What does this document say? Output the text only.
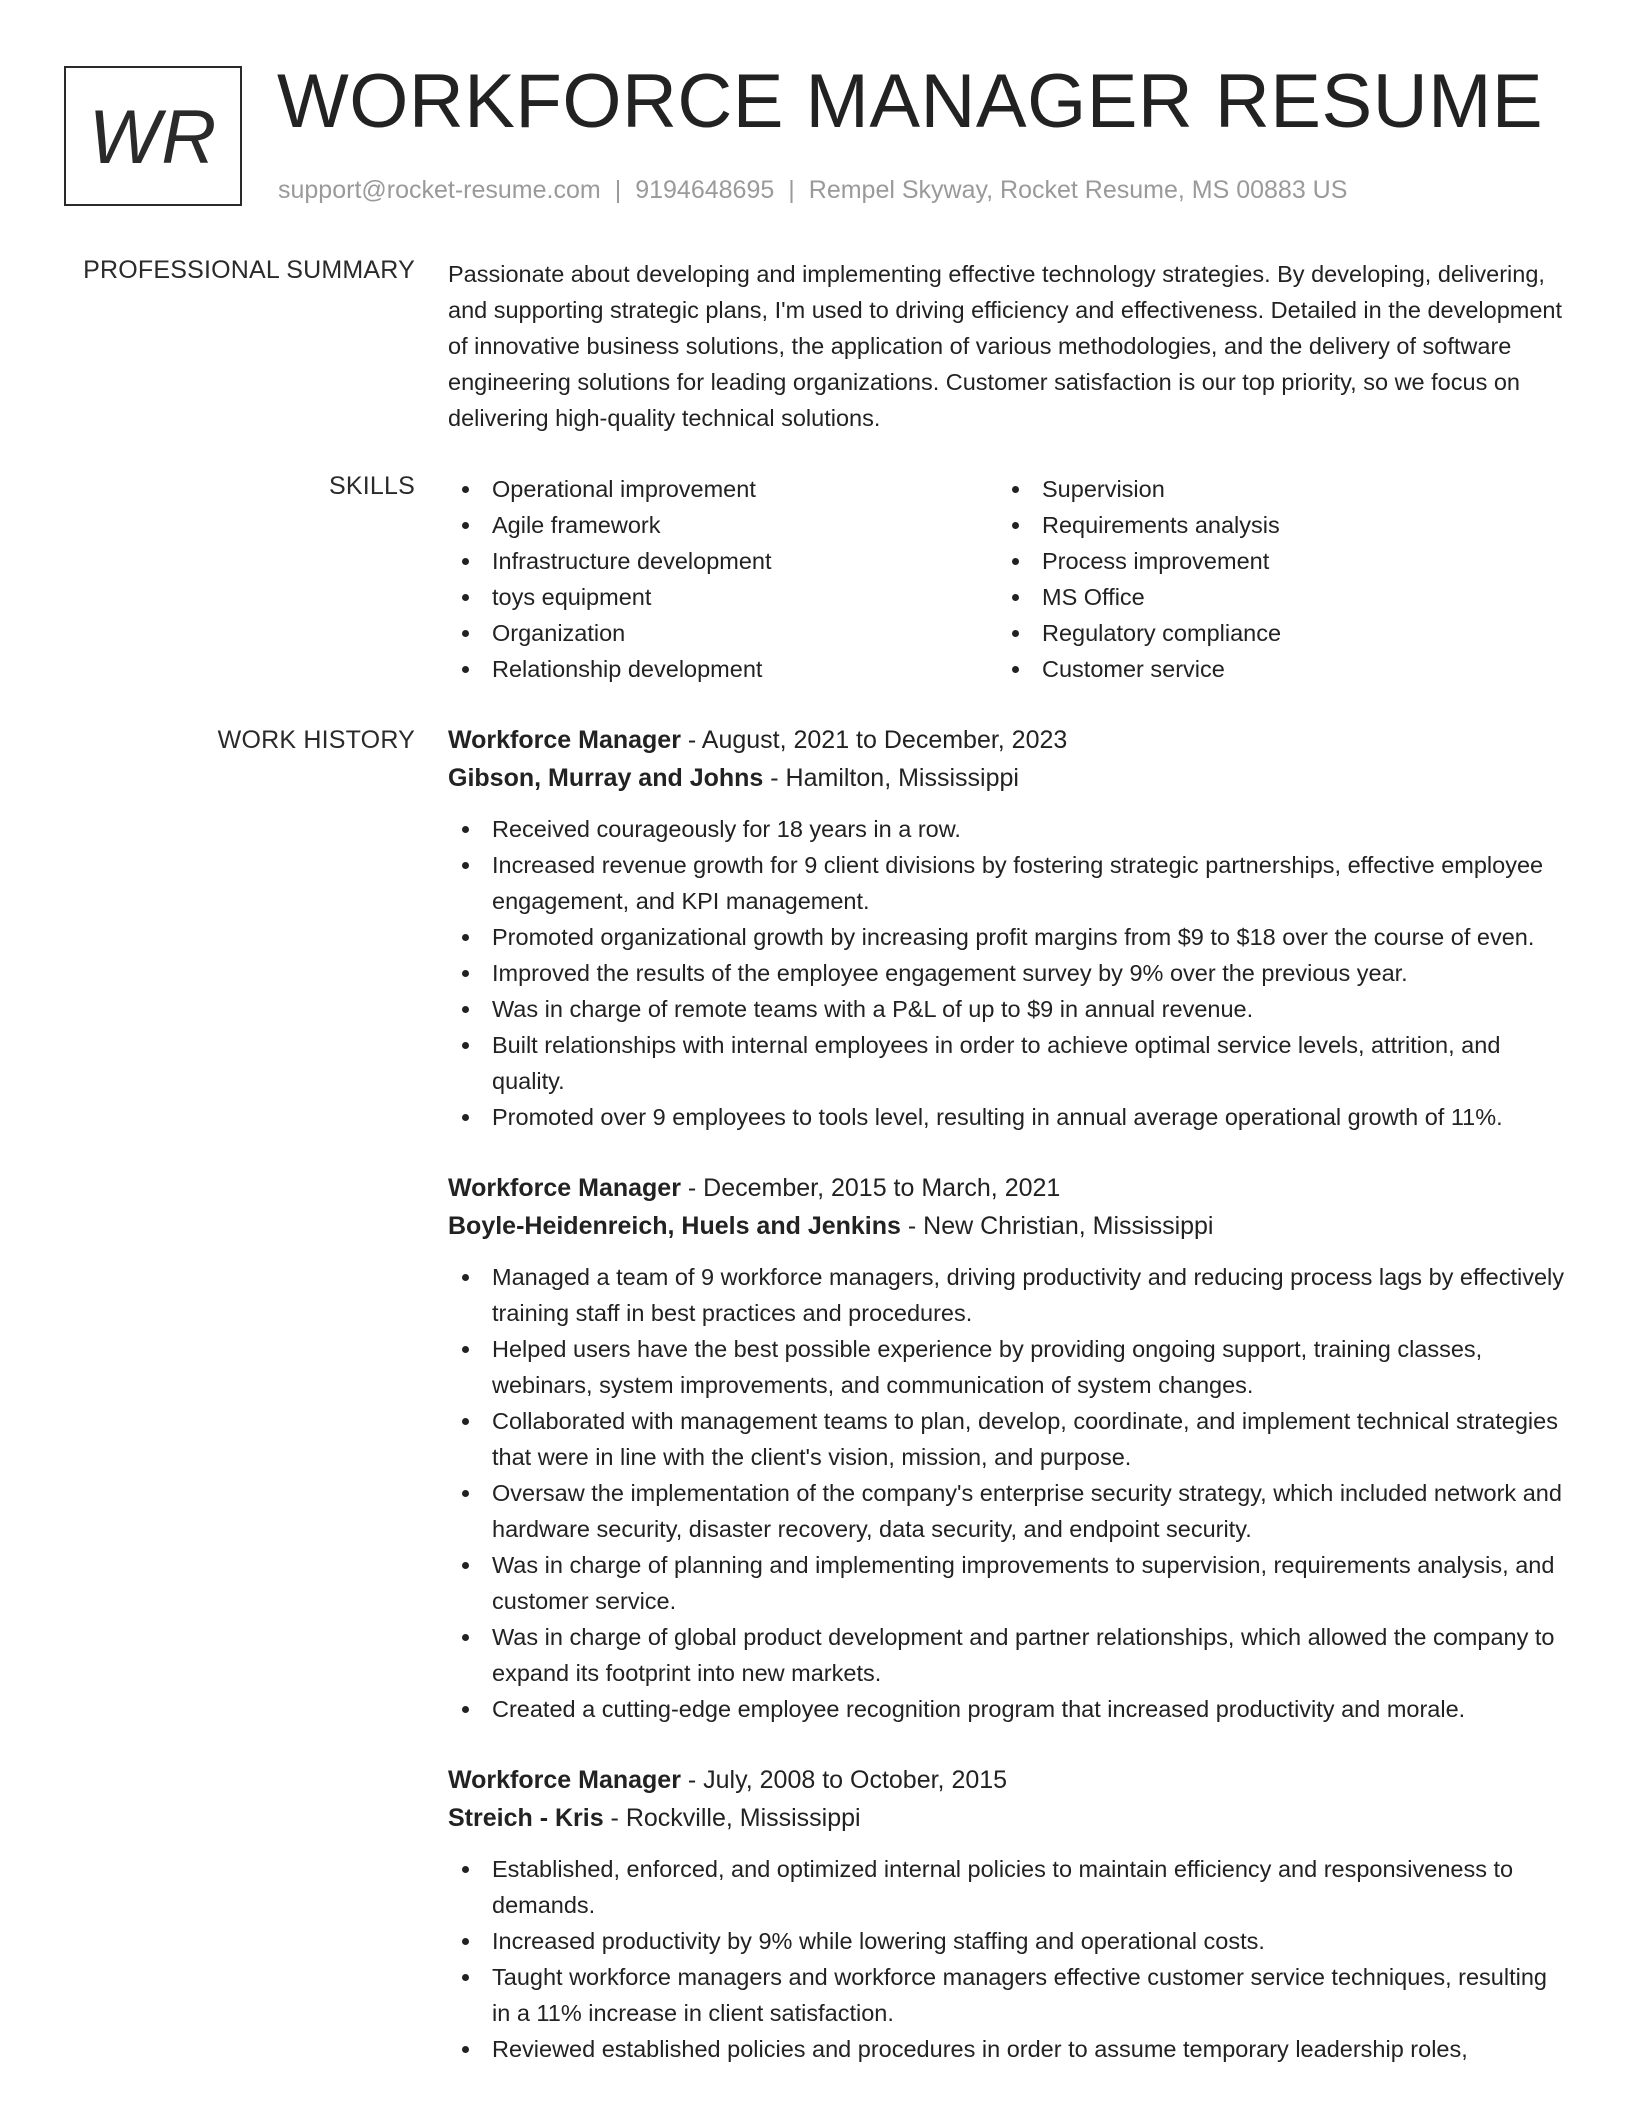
WR WORKFORCE MANAGER RESUME
support@rocket-resume.com | 9194648695 | Rempel Skyway, Rocket Resume, MS 00883 US
PROFESSIONAL SUMMARY Passionate about developing and implementing effective technology strategies. By developing, delivering, and supporting strategic plans, I'm used to driving efficiency and effectiveness. Detailed in the development of innovative business solutions, the application of various methodologies, and the delivery of software engineering solutions for leading organizations. Customer satisfaction is our top priority, so we focus on delivering high-quality technical solutions.

SKILLS	Operational improvement
Agile framework
Infrastructure development
toys equipment
Organization
Relationship development
Supervision
Requirements analysis
Process improvement
MS Office
Regulatory compliance
Customer service
WORK HISTORY Workforce Manager - August, 2021 to December, 2023
Gibson, Murray and Johns - Hamilton, Mississippi
Received courageously for 18 years in a row.
Increased revenue growth for 9 client divisions by fostering strategic partnerships, effective employee engagement, and KPI management.
Promoted organizational growth by increasing profit margins from $9 to $18 over the course of even.
Improved the results of the employee engagement survey by 9% over the previous year.
Was in charge of remote teams with a P&L of up to $9 in annual revenue.
Built relationships with internal employees in order to achieve optimal service levels, attrition, and quality.
Promoted over 9 employees to tools level, resulting in annual average operational growth of 11%.
Workforce Manager - December, 2015 to March, 2021
Boyle-Heidenreich, Huels and Jenkins - New Christian, Mississippi
Managed a team of 9 workforce managers, driving productivity and reducing process lags by effectively training staff in best practices and procedures.
Helped users have the best possible experience by providing ongoing support, training classes, webinars, system improvements, and communication of system changes.
Collaborated with management teams to plan, develop, coordinate, and implement technical strategies that were in line with the client's vision, mission, and purpose.
Oversaw the implementation of the company's enterprise security strategy, which included network and hardware security, disaster recovery, data security, and endpoint security.
Was in charge of planning and implementing improvements to supervision, requirements analysis, and customer service.
Was in charge of global product development and partner relationships, which allowed the company to expand its footprint into new markets.
Created a cutting-edge employee recognition program that increased productivity and morale.
Workforce Manager - July, 2008 to October, 2015
Streich - Kris - Rockville, Mississippi
Established, enforced, and optimized internal policies to maintain efficiency and responsiveness to demands.
Increased productivity by 9% while lowering staffing and operational costs.
Taught workforce managers and workforce managers effective customer service techniques, resulting in a 11% increase in client satisfaction.
Reviewed established policies and procedures in order to assume temporary leadership roles,
